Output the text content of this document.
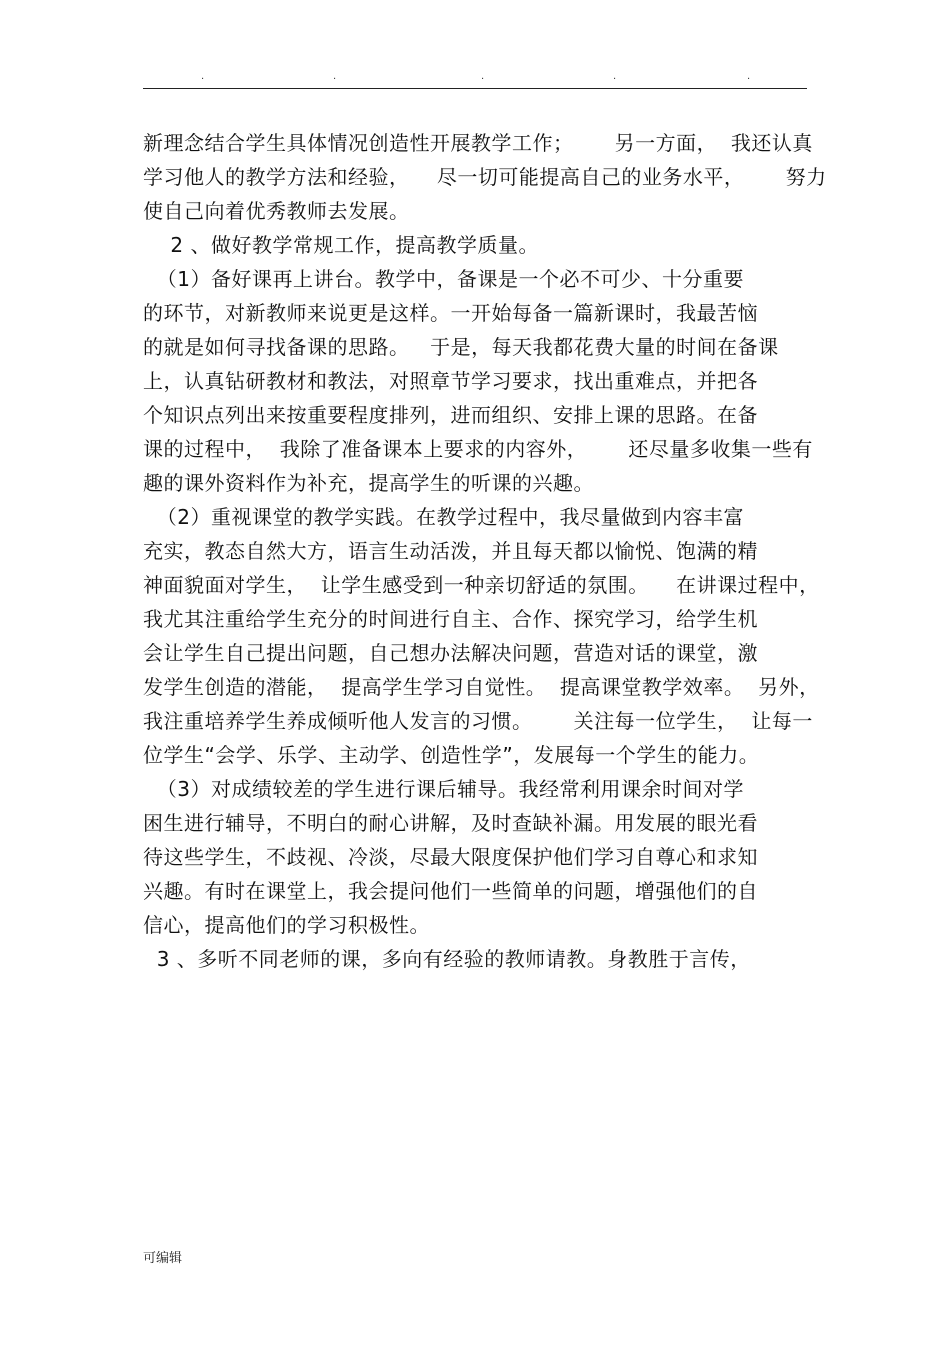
.	.	.	.	.
新理念结合学生具体情况创造性开展教学工作；      另一方面，  我还认真
学习他人的教学方法和经验，    尽一切可能提高自己的业务水平，      努力
使自己向着优秀教师去发展。
2 、做好教学常规工作，提高教学质量。
（1）备好课再上讲台。教学中，备课是一个必不可少、十分重要
的环节，对新教师来说更是这样。一开始每备一篇新课时，我最苦恼
的就是如何寻找备课的思路。   于是，每天我都花费大量的时间在备课
上，认真钻研教材和教法，对照章节学习要求，找出重难点，并把各
个知识点列出来按重要程度排列，进而组织、安排上课的思路。在备
课的过程中，  我除了准备课本上要求的内容外，      还尽量多收集一些有
趣的课外资料作为补充，提高学生的听课的兴趣。
（2）重视课堂的教学实践。在教学过程中，我尽量做到内容丰富
充实，教态自然大方，语言生动活泼，并且每天都以愉悦、饱满的精
神面貌面对学生，  让学生感受到一种亲切舒适的氛围。    在讲课过程中，
我尤其注重给学生充分的时间进行自主、合作、探究学习，给学生机
会让学生自己提出问题，自己想办法解决问题，营造对话的课堂，激
发学生创造的潜能，  提高学生学习自觉性。  提高课堂教学效率。  另外，
我注重培养学生养成倾听他人发言的习惯。      关注每一位学生，  让每一
位学生“会学、乐学、主动学、创造性学”，发展每一个学生的能力。
（3）对成绩较差的学生进行课后辅导。我经常利用课余时间对学
困生进行辅导，不明白的耐心讲解，及时查缺补漏。用发展的眼光看
待这些学生，不歧视、冷淡，尽最大限度保护他们学习自尊心和求知
兴趣。有时在课堂上，我会提问他们一些简单的问题，增强他们的自
信心，提高他们的学习积极性。
3 、多听不同老师的课，多向有经验的教师请教。身教胜于言传，
可编辑
